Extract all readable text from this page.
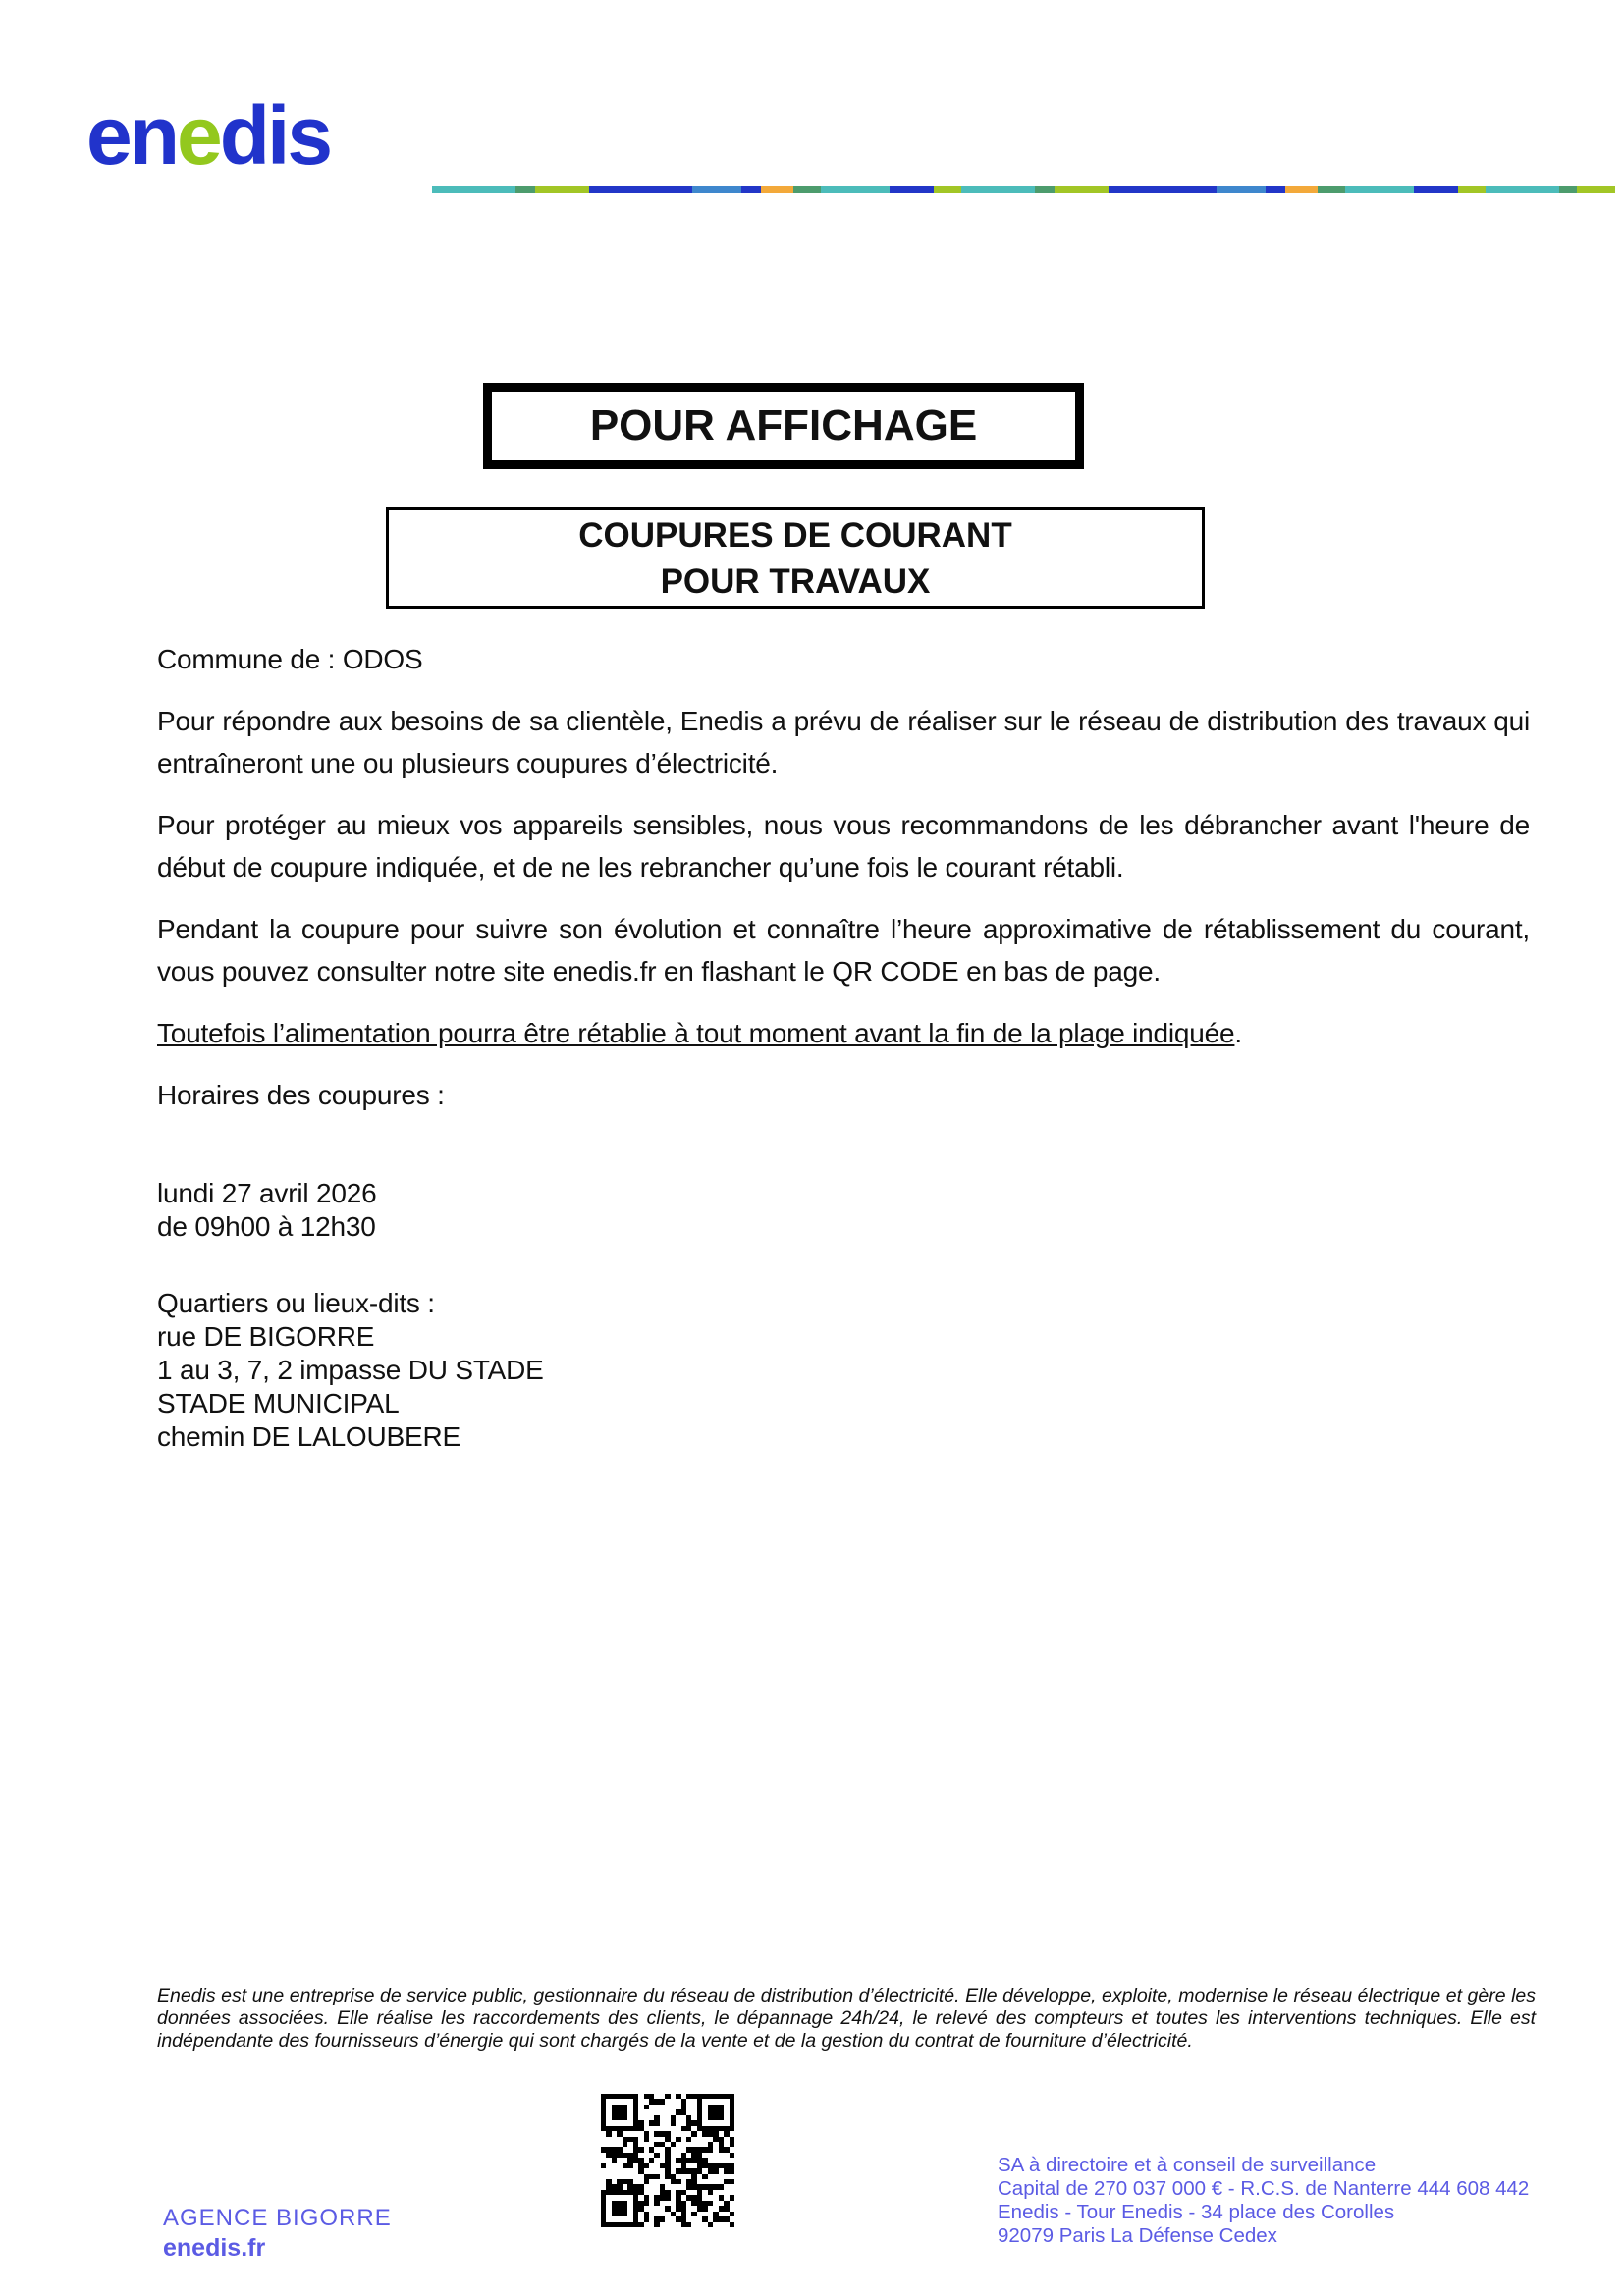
enedis
POUR AFFICHAGE
COUPURES DE COURANT
POUR TRAVAUX

Commune de : ODOS

Pour répondre aux besoins de sa clientèle, Enedis a prévu de réaliser sur le réseau de distribution des travaux qui entraîneront une ou plusieurs coupures d’électricité.

Pour protéger au mieux vos appareils sensibles, nous vous recommandons de les débrancher avant l'heure de début de coupure indiquée, et de ne les rebrancher qu’une fois le courant rétabli.

Pendant la coupure pour suivre son évolution et connaître l’heure approximative de rétablissement du courant, vous pouvez consulter notre site enedis.fr en flashant le QR CODE en bas de page.

Toutefois l’alimentation pourra être rétablie à tout moment avant la fin de la plage indiquée.

Horaires des coupures :

lundi 27 avril 2026
de 09h00 à 12h30
Quartiers ou lieux-dits :
rue DE BIGORRE
1 au 3, 7, 2 impasse DU STADE
STADE MUNICIPAL
chemin DE LALOUBERE
Enedis est une entreprise de service public, gestionnaire du réseau de distribution d’électricité. Elle développe, exploite, modernise le réseau électrique et gère les données associées. Elle réalise les raccordements des clients, le dépannage 24h/24, le relevé des compteurs et toutes les interventions techniques. Elle est indépendante des fournisseurs d’énergie qui sont chargés de la vente et de la gestion du contrat de fourniture d’électricité.
AGENCE BIGORRE
enedis.fr
SA à directoire et à conseil de surveillance
Capital de 270 037 000 € - R.C.S. de Nanterre 444 608 442
Enedis - Tour Enedis - 34 place des Corolles
92079 Paris La Défense Cedex
